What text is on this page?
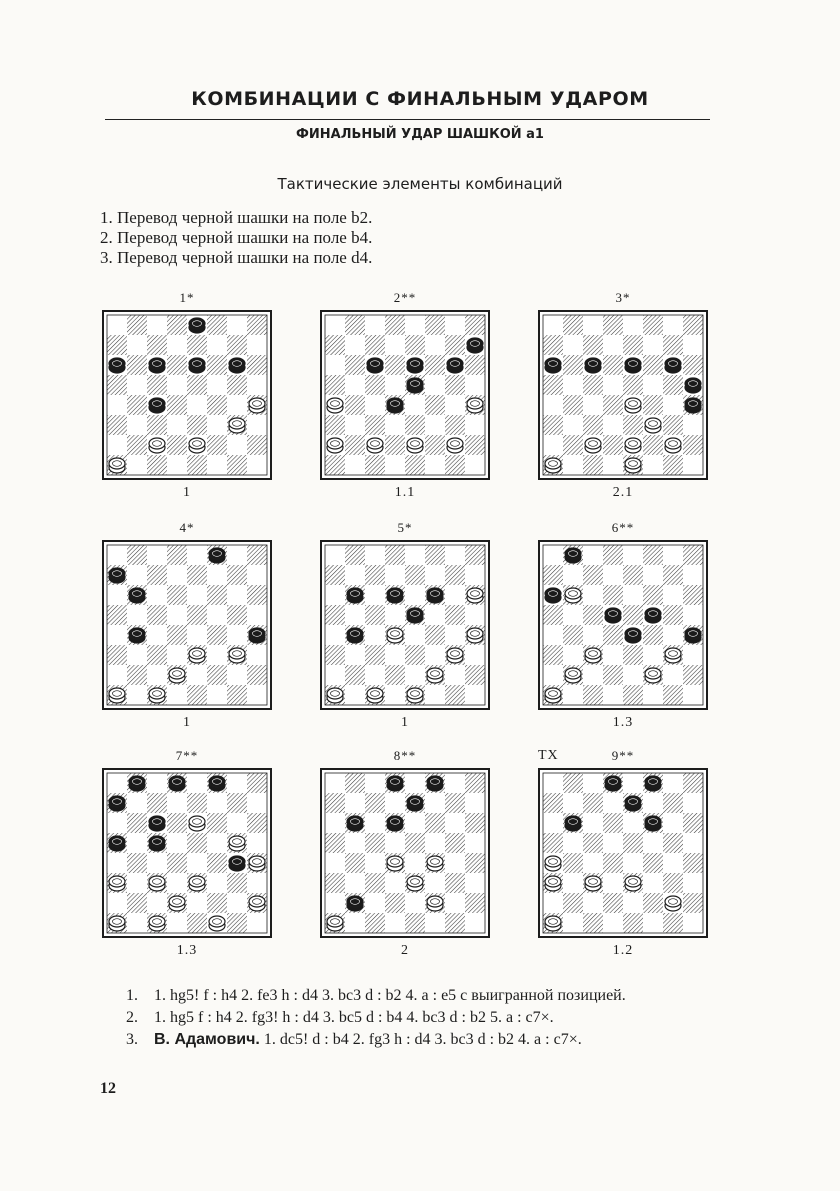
КОМБИНАЦИИ С ФИНАЛЬНЫМ УДАРОМ
ФИНАЛЬНЫЙ УДАР ШАШКОЙ a1
Тактические элементы комбинаций
1. Перевод черной шашки на поле b2.
2. Перевод черной шашки на поле b4.
3. Перевод черной шашки на поле d4.
1*
1
2**
1.1
3*
2.1
4*
1
5*
1
6**
1.3
7**
1.3
8**
2
TX	9**
1.2
1.	1. hg5! f : h4 2. fe3 h : d4 3. bc3 d : b2 4. a : e5 с выигранной позицией.
2.	1. hg5 f : h4 2. fg3! h : d4 3. bc5 d : b4 4. bc3 d : b2 5. a : c7×.
3.	В. Адамович. 1. dc5! d : b4 2. fg3 h : d4 3. bc3 d : b2 4. a : c7×.
12
